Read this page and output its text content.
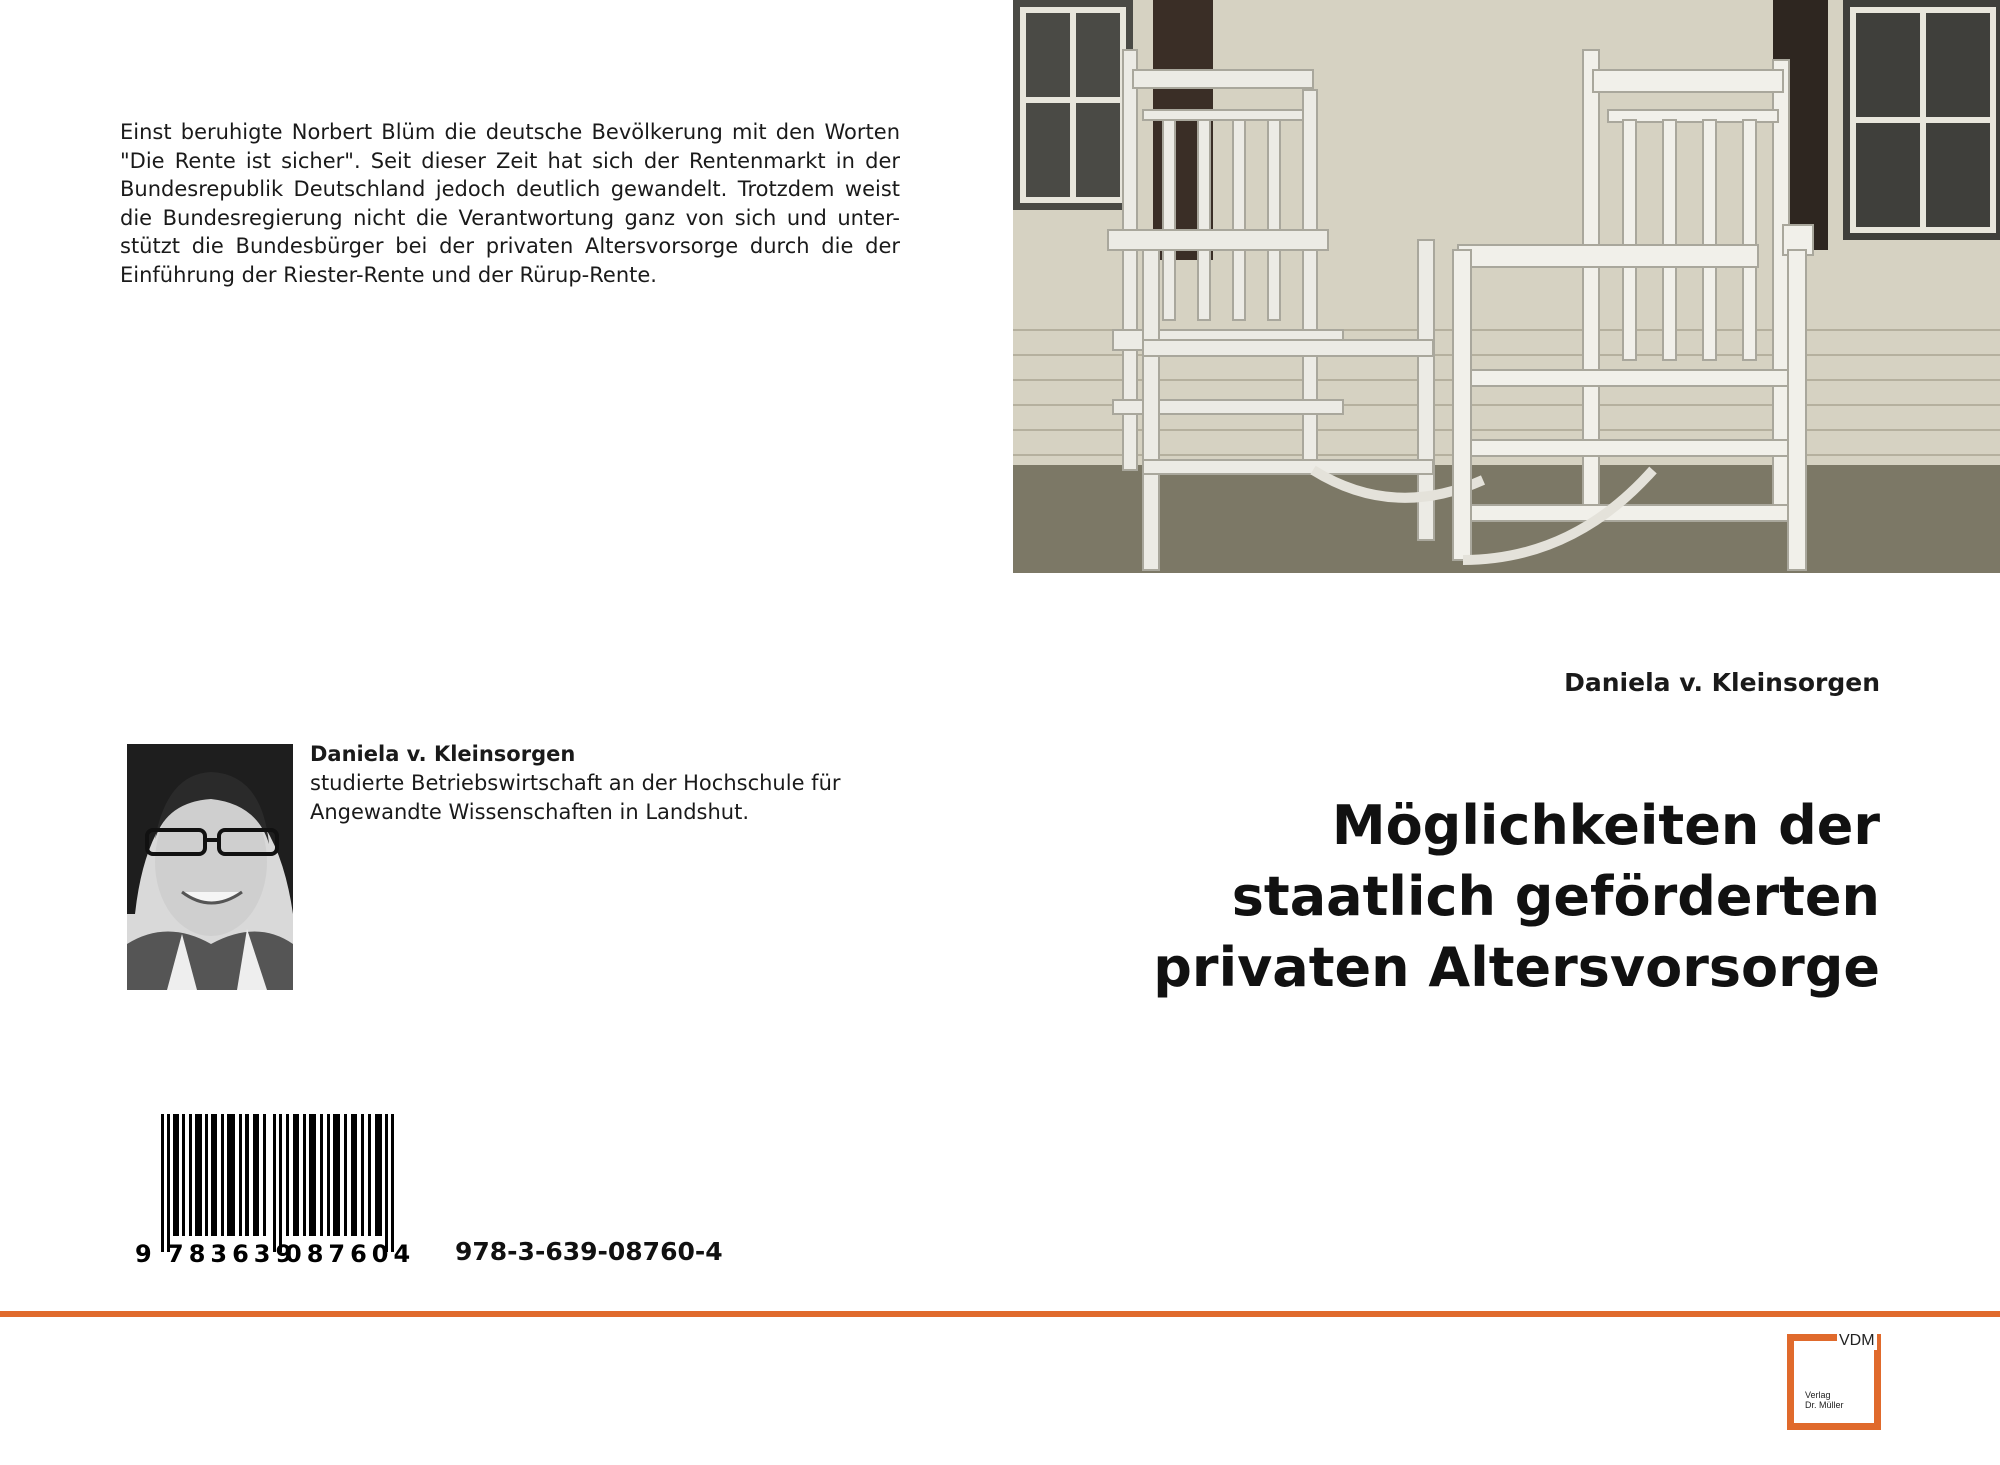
Einst beruhigte Norbert Blüm die deutsche Bevölkerung mit den Worten "Die Rente ist sicher". Seit dieser Zeit hat sich der Rentenmarkt in der Bundesrepublik Deutschland jedoch deutlich gewandelt. Trotzdem weist die Bundesregierung nicht die Verantwortung ganz von sich und unter-stützt die Bundesbürger bei der privaten Altersvorsorge durch die der Einführung der Riester-Rente und der Rürup-Rente.
Daniela v. Kleinsorgen
Daniela v. Kleinsorgen
studierte Betriebswirtschaft an der Hochschule für
Angewandte Wissenschaften in Landshut.	Möglichkeiten der
staatlich geförderten
privaten Altersvorsorge
9 783639
087604 978-3-639-08760-4
VDM
Verlag
Dr. Müller
